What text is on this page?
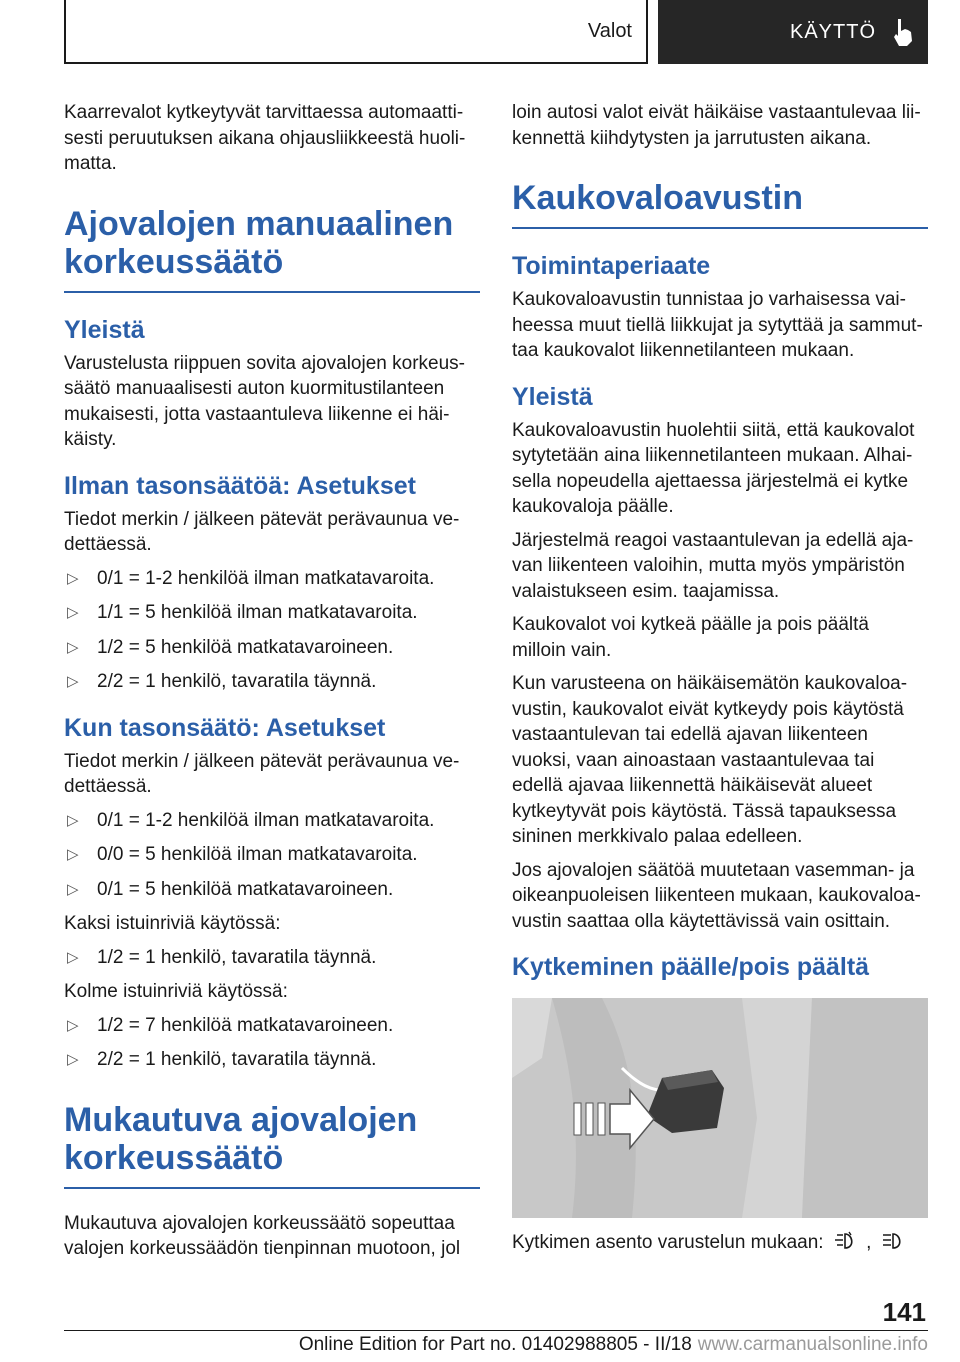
Valot	KÄYTTÖ

Kaarrevalot kytkeytyvät tarvittaessa automaattisesti peruutuksen aikana ohjausliikkeestä huolimatta.

Ajovalojen manuaalinen korkeussäätö
Yleistä

Varustelusta riippuen sovita ajovalojen korkeussäätö manuaalisesti auton kuormitustilanteen mukaisesti, jotta vastaantuleva liikenne ei häikäisty.

Ilman tasonsäätöä: Asetukset

Tiedot merkin / jälkeen pätevät perävaunua vedettäessä.

▷ 0/1 = 1-2 henkilöä ilman matkatavaroita.
▷ 1/1 = 5 henkilöä ilman matkatavaroita.
▷ 1/2 = 5 henkilöä matkatavaroineen.
▷ 2/2 = 1 henkilö, tavaratila täynnä.
Kun tasonsäätö: Asetukset

Tiedot merkin / jälkeen pätevät perävaunua vedettäessä.

▷ 0/1 = 1-2 henkilöä ilman matkatavaroita.
▷ 0/0 = 5 henkilöä ilman matkatavaroita.
▷ 0/1 = 5 henkilöä matkatavaroineen.

Kaksi istuinriviä käytössä:

▷ 1/2 = 1 henkilö, tavaratila täynnä.

Kolme istuinriviä käytössä:

▷ 1/2 = 7 henkilöä matkatavaroineen.
▷ 2/2 = 1 henkilö, tavaratila täynnä.
Mukautuva ajovalojen korkeussäätö

Mukautuva ajovalojen korkeussäätö sopeuttaa valojen korkeussäädön tienpinnan muotoon, jol

loin autosi valot eivät häikäise vastaantulevaa liikennettä kiihdytysten ja jarrutusten aikana.

Kaukovaloavustin
Toimintaperiaate

Kaukovaloavustin tunnistaa jo varhaisessa vaiheessa muut tiellä liikkujat ja sytyttää ja sammuttaa kaukovalot liikennetilanteen mukaan.

Yleistä

Kaukovaloavustin huolehtii siitä, että kaukovalot sytytetään aina liikennetilanteen mukaan. Alhaisella nopeudella ajettaessa järjestelmä ei kytke kaukovaloja päälle.

Järjestelmä reagoi vastaantulevan ja edellä ajavan liikenteen valoihin, mutta myös ympäristön valaistukseen esim. taajamissa.

Kaukovalot voi kytkeä päälle ja pois päältä milloin vain.

Kun varusteena on häikäisemätön kaukovaloavustin, kaukovalot eivät kytkeydy pois käytöstä vastaantulevan tai edellä ajavan liikenteen vuoksi, vaan ainoastaan vastaantulevaa tai edellä ajavaa liikennettä häikäisevät alueet kytkeytyvät pois käytöstä. Tässä tapauksessa sininen merkkivalo palaa edelleen.

Jos ajovalojen säätöä muutetaan vasemman- ja oikeanpuoleisen liikenteen mukaan, kaukovaloavustin saattaa olla käytettävissä vain osittain.

Kytkeminen päälle/pois päältä
Kytkimen asento varustelun mukaan: ,
141
Online Edition for Part no. 01402988805 - II/18 www.carmanualsonline.info
